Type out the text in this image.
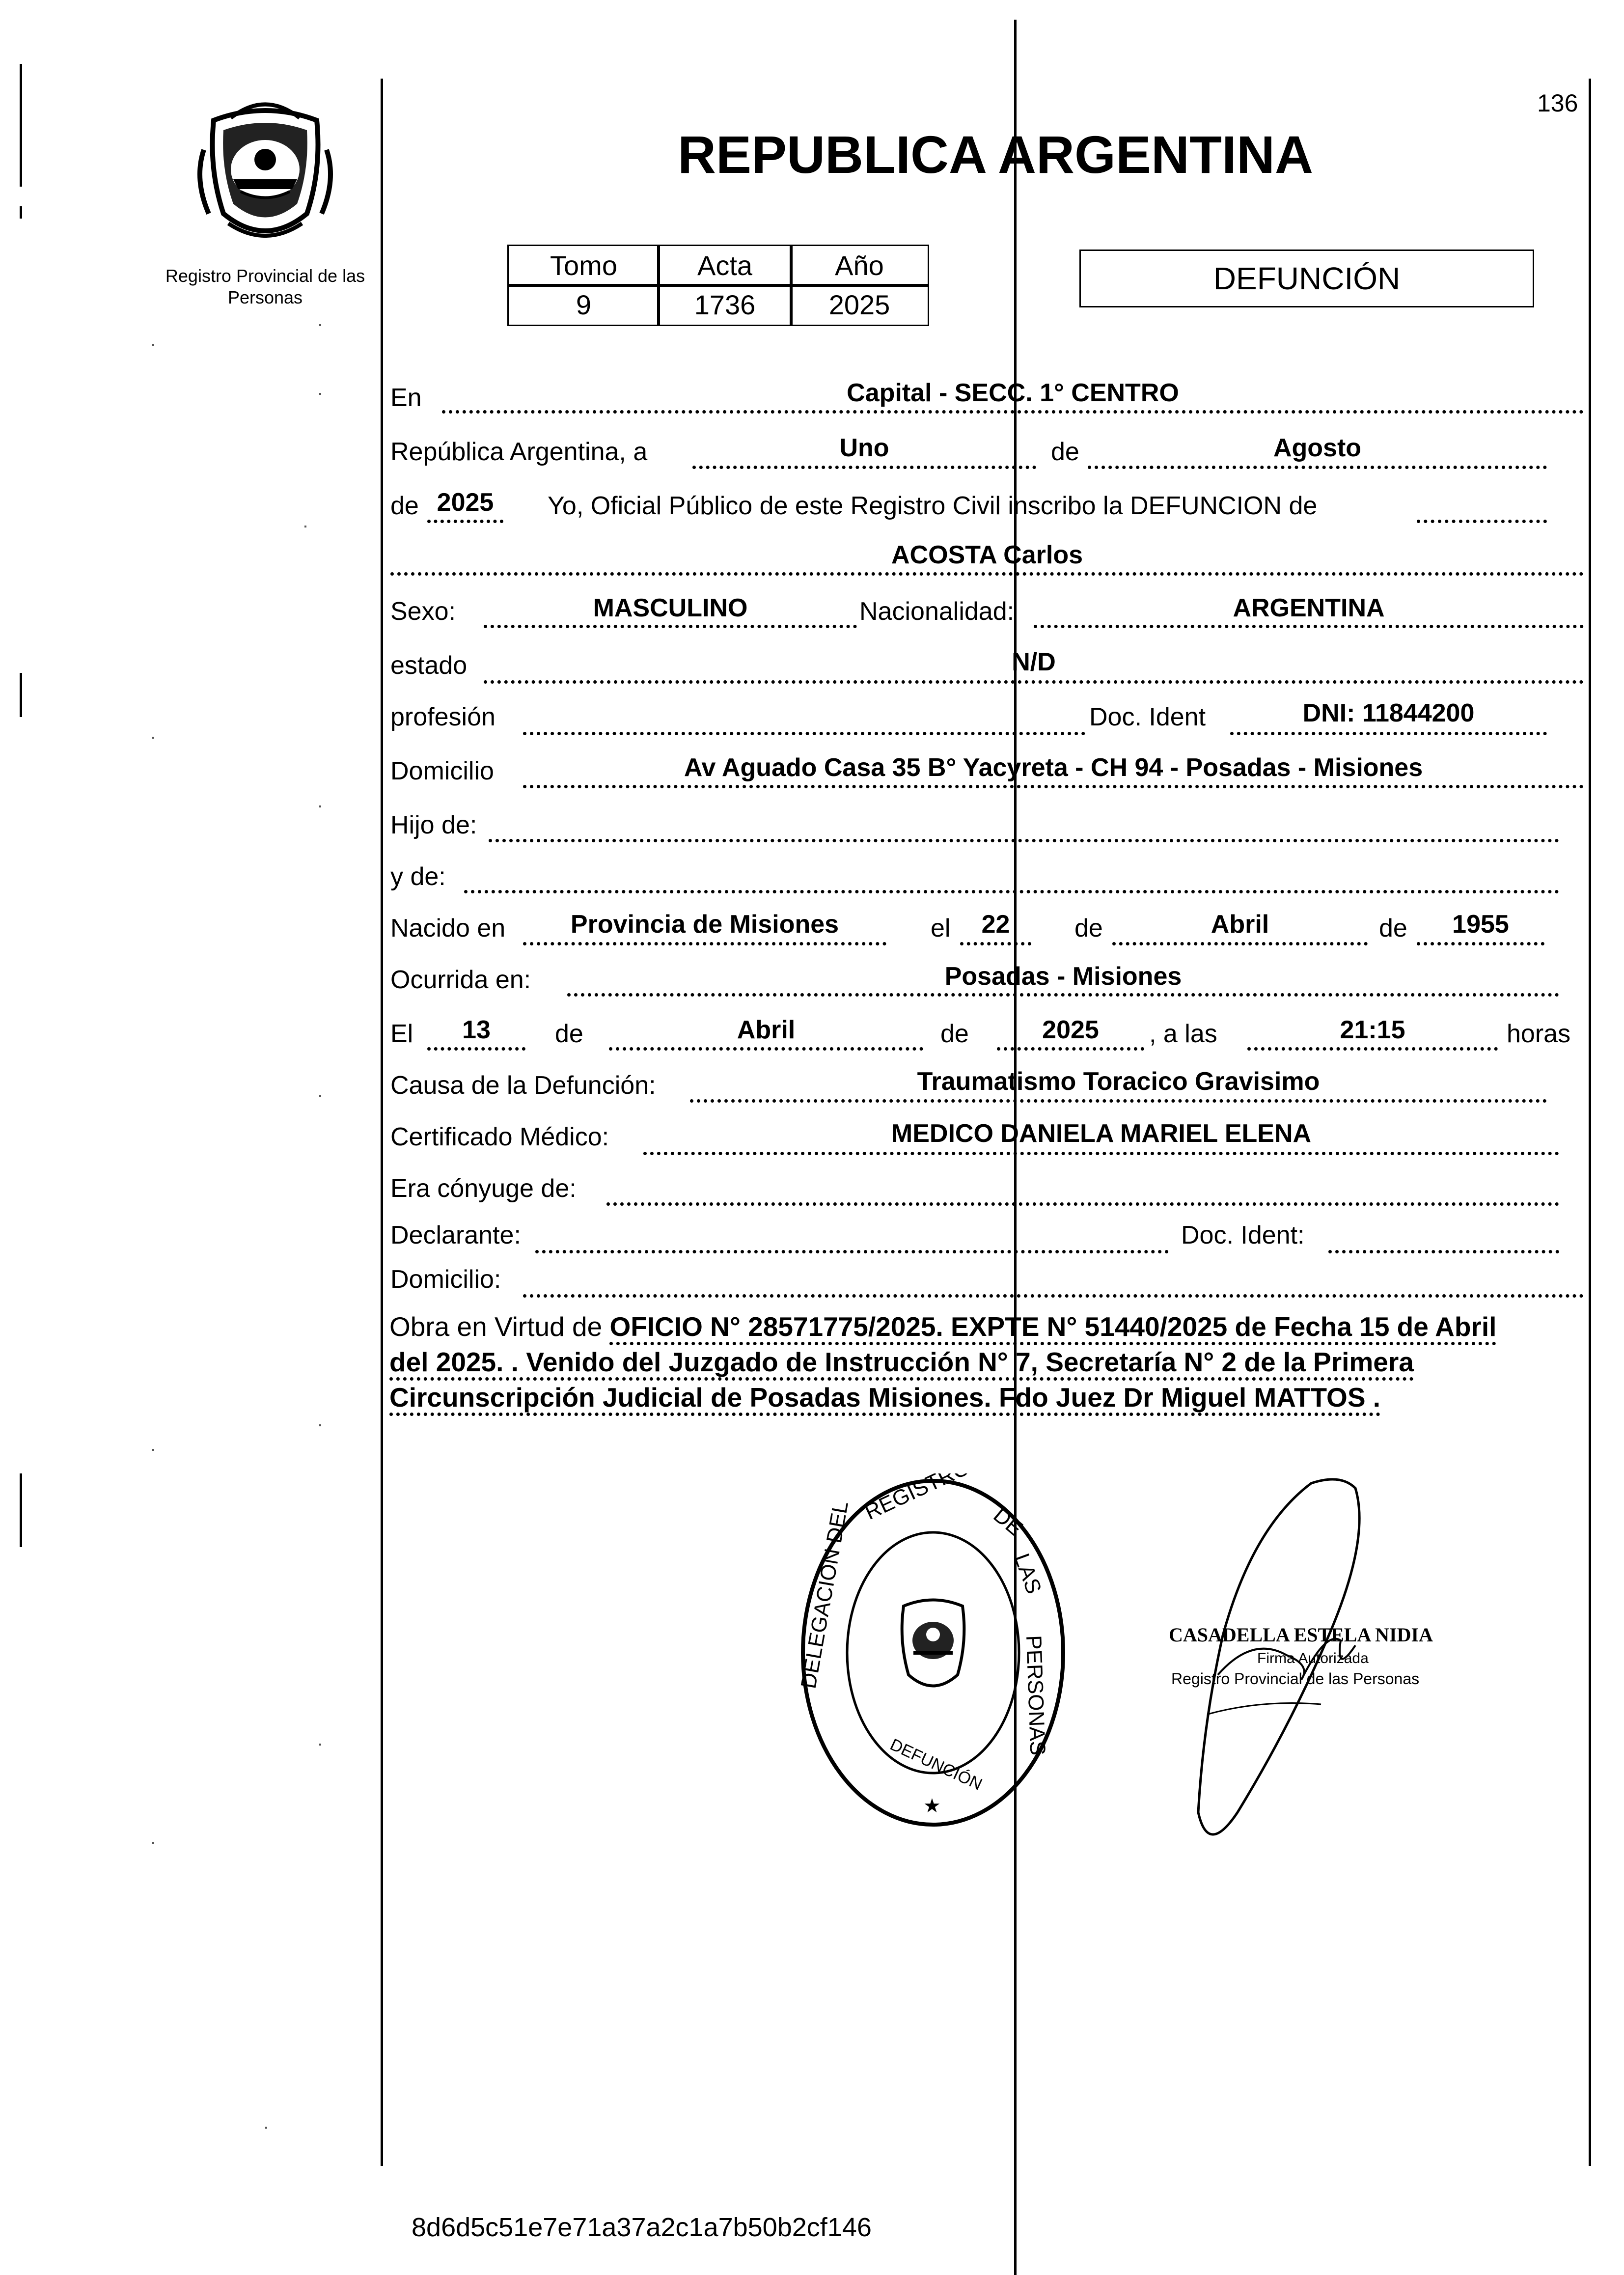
136
Registro Provincial de las Personas
REPUBLICA ARGENTINA
Tomo	Acta	Año
9	1736	2025
DEFUNCIÓN
En	Capital - SECC. 1° CENTRO
República Argentina, a	Uno	de	Agosto
de 2025	Yo, Oficial Público de este Registro Civil inscribo la DEFUNCION de
ACOSTA Carlos
Sexo:	MASCULINO	Nacionalidad:	ARGENTINA
estado	N/D
profesión	Doc. Ident	DNI: 11844200
Domicilio	Av Aguado Casa 35 B° Yacyreta - CH 94 - Posadas - Misiones
Hijo de:
y de:
Nacido en	Provincia de Misiones	el	22	de	Abril	de	1955
Ocurrida en:	Posadas - Misiones
El	13	de	Abril	de	2025	, a las	21:15	horas
Causa de la Defunción:	Traumatismo Toracico Gravisimo
Certificado Médico:	MEDICO DANIELA MARIEL ELENA
Era cónyuge de:
Declarante:	Doc. Ident:
Domicilio:
Obra en Virtud de OFICIO N° 28571775/2025. EXPTE N° 51440/2025 de Fecha 15 de Abril
del 2025. . Venido del Juzgado de Instrucción N° 7, Secretaría N° 2 de la Primera
Circunscripción Judicial de Posadas Misiones. Fdo Juez Dr Miguel MATTOS .
REGISTRO DE
LAS
PERSONAS
DELEGACIÓN DEL
DEFUNCIÓN
★
CASADELLA ESTELA NIDIA
Firma Autorizada
Registro Provincial de las Personas
8d6d5c51e7e71a37a2c1a7b50b2cf146
